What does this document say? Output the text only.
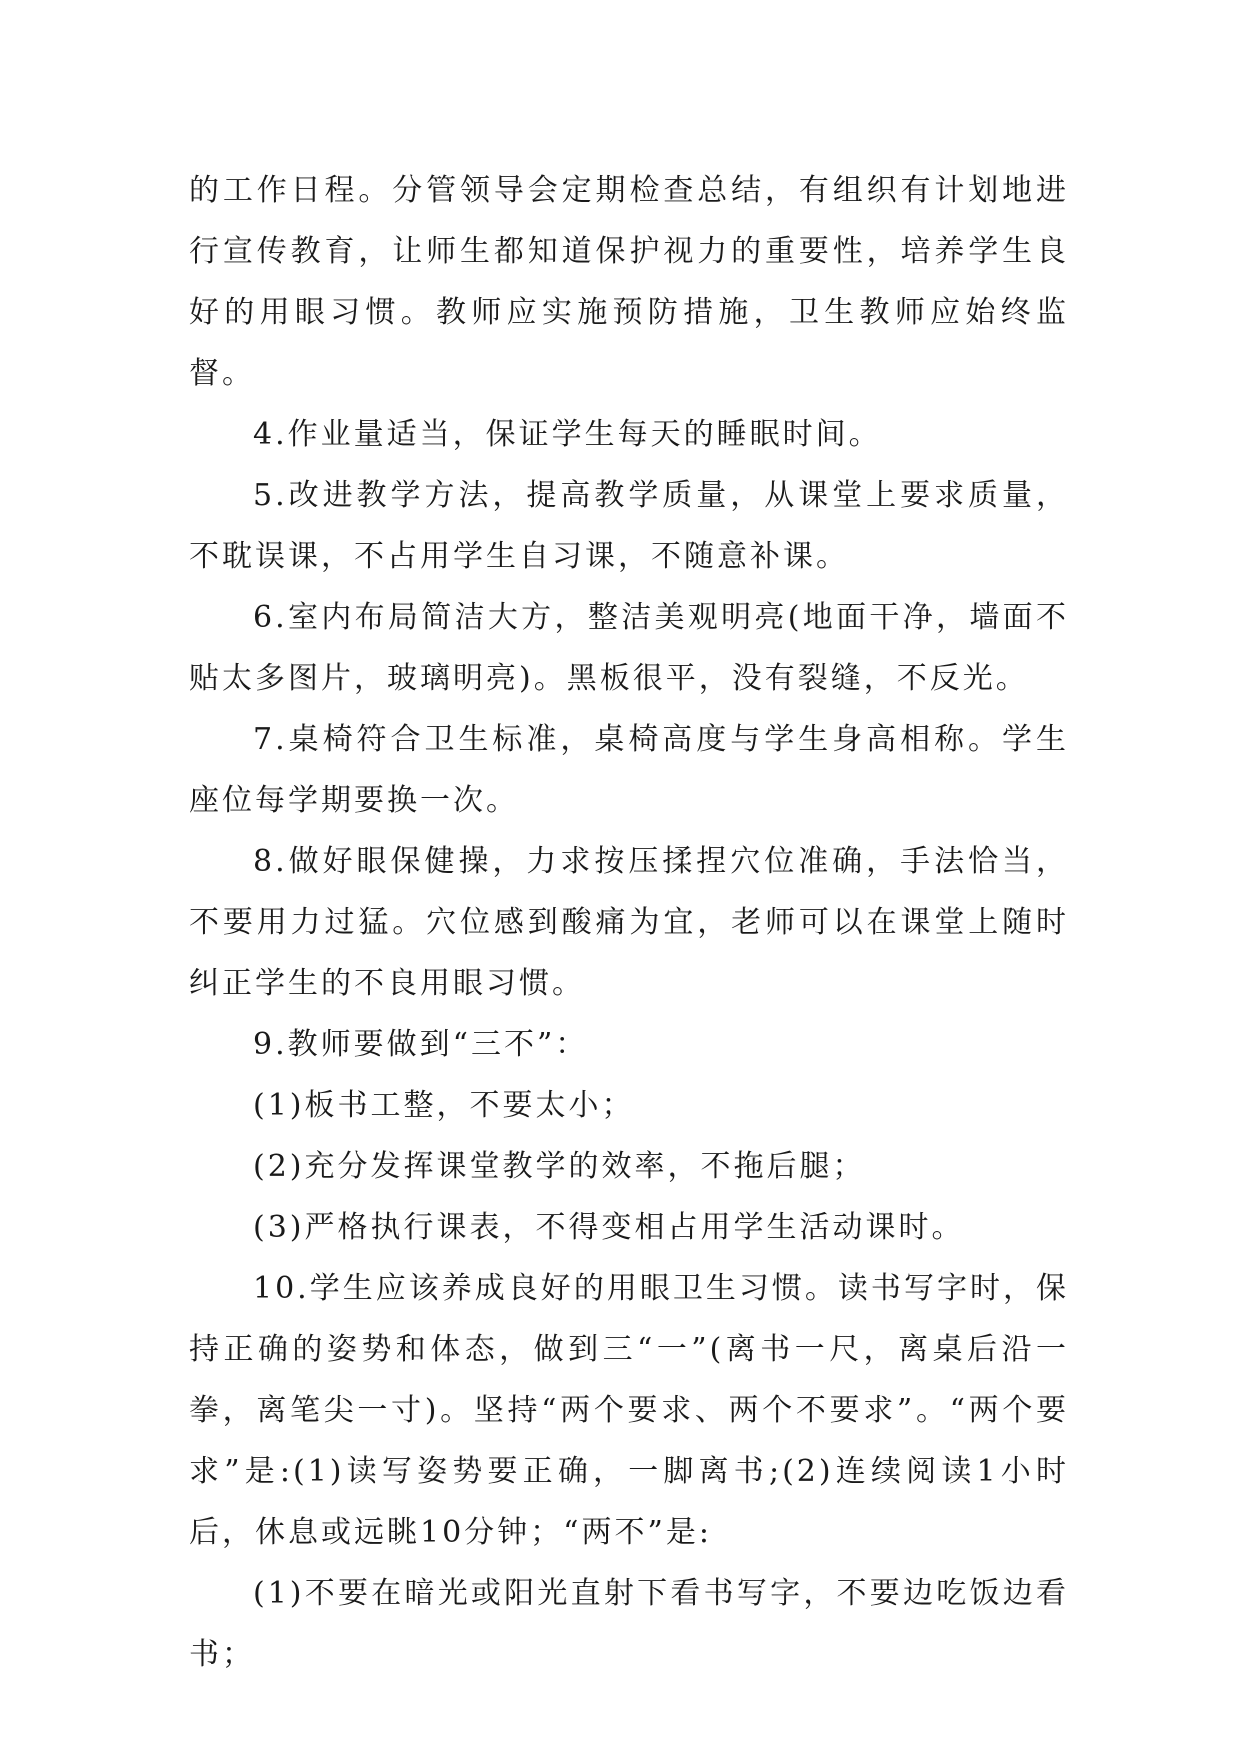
的工作日程。分管领导会定期检查总结，有组织有计划地进行宣传教育，让师生都知道保护视力的重要性，培养学生良好的用眼习惯。教师应实施预防措施，卫生教师应始终监督。

4.作业量适当，保证学生每天的睡眠时间。

5.改进教学方法，提高教学质量，从课堂上要求质量，不耽误课，不占用学生自习课，不随意补课。

6.室内布局简洁大方，整洁美观明亮(地面干净，墙面不贴太多图片，玻璃明亮)。黑板很平，没有裂缝，不反光。

7.桌椅符合卫生标准，桌椅高度与学生身高相称。学生座位每学期要换一次。

8.做好眼保健操，力求按压揉捏穴位准确，手法恰当，不要用力过猛。穴位感到酸痛为宜，老师可以在课堂上随时纠正学生的不良用眼习惯。

9.教师要做到“三不”：

(1)板书工整，不要太小；

(2)充分发挥课堂教学的效率，不拖后腿；

(3)严格执行课表，不得变相占用学生活动课时。

10.学生应该养成良好的用眼卫生习惯。读书写字时，保持正确的姿势和体态，做到三“一”(离书一尺，离桌后沿一拳，离笔尖一寸)。坚持“两个要求、两个不要求”。“两个要求”是:(1)读写姿势要正确，一脚离书;(2)连续阅读1小时后，休息或远眺10分钟；“两不”是:

(1)不要在暗光或阳光直射下看书写字，不要边吃饭边看书；
